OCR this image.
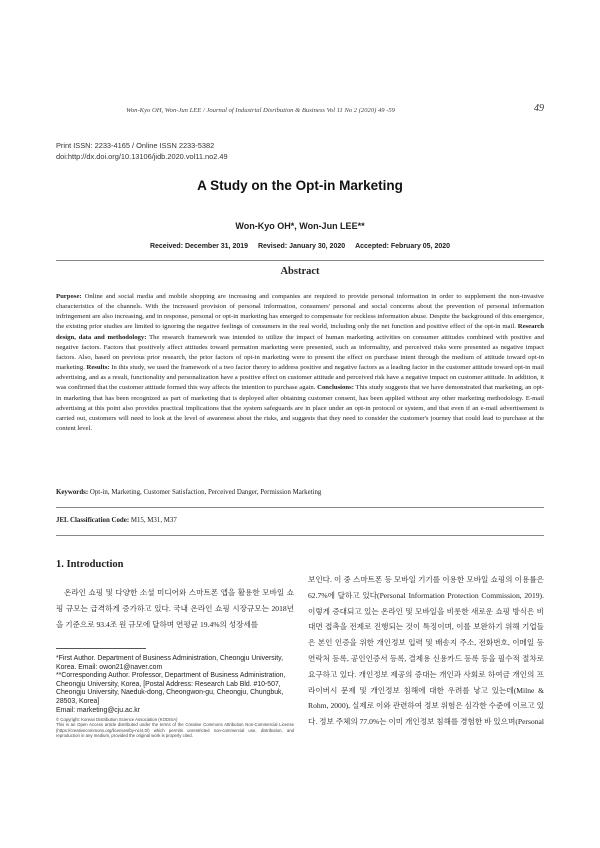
Won-Kyo OH, Won-Jun LEE / Journal of Industrial Disribution & Business Vol 11 No 2 (2020) 49 -59	49
Print ISSN: 2233-4165 / Online ISSN 2233-5382
doi:http://dx.doi.org/10.13106/jidb.2020.vol11.no2.49
A Study on the Opt-in Marketing
Won-Kyo OH*, Won-Jun LEE**
Received: December 31, 2019 Revised: January 30, 2020 Accepted: February 05, 2020
Abstract
Purpose: Online and social media and mobile shopping are increasing and companies are required to provide personal information in order to supplement the non-invasive characteristics of the channels. With the increased provision of personal information, consumers' personal and social concerns about the prevention of personal information infringement are also increasing, and in response, personal or opt-in marketing has emerged to compensate for reckless information abuse. Despite the background of this emergence, the existing prior studies are limited to ignoring the negative feelings of consumers in the real world, including only the net function and positive effect of the opt-in mail. Research design, data and methodology: The research framework was intended to utilize the impact of human marketing activities on consumer attitudes combined with positive and negative factors. Factors that positively affect attitudes toward permation marketing were presented, such as informality, and perceived risks were presented as negative impact factors. Also, based on previous prior research, the prior factors of opt-in marketing were to present the effect on purchase intent through the medium of attitude toward opt-in marketing. Results: In this study, we used the framework of a two factor theory to address positive and negative factors as a leading factor in the customer attitude toward opt-in mail advertising, and as a result, functionality and personalization have a positive effect on customer attitude and perceived risk have a negative impact on customer attitude. In addition, it was confirmed that the customer attitude formed this way affects the intention to purchase again. Conclusions: This study suggests that we have demonstrated that marketing, an opt-in marketing that has been recognized as part of marketing that is deployed after obtaining customer consent, has been applied without any other marketing methodology. E-mail advertising at this point also provides practical implications that the system safeguards are in place under an opt-in protocol or system, and that even if an e-mail advertisement is carried out, customers will need to look at the level of awareness about the risks, and suggests that they need to consider the customer's journey that could lead to purchase at the content level.
Keywords: Opt-in, Marketing, Customer Satisfaction, Perceived Danger, Permission Marketing
JEL Classification Code: M15, M31, M37
1. Introduction
온라인 쇼핑 및 다양한 소셜 미디어와 스마트폰 앱을 활용한 모바일 쇼핑 규모는 급격하게 증가하고 있다. 국내 온라인 쇼핑 시장규모는 2018년을 기준으로 93.4조 원 규모에 달하며 연평균 19.4%의 성장세를
보인다. 이 중 스마트폰 등 모바일 기기를 이용한 모바일 쇼핑의 이용률은 62.7%에 달하고 있다(Personal Information Protection Commission, 2019). 이렇게 증대되고 있는 온라인 및 모바일을 비롯한 새로운 쇼핑 방식은 비대면 접촉을 전제로 진행되는 것이 특징이며, 이를 보완하기 위해 기업들은 본인 인증을 위한 개인정보 입력 및 배송지 주소, 전화번호, 이메일 등 연락처 등록, 공인인증서 등록, 결제용 신용카드 등록 등을 필수적 절차로 요구하고 있다. 개인정보 제공의 증대는 개인과 사회로 하여금 개인의 프라이버시 문제 및 개인정보 침해에 대한 우려를 낳고 있는데(Milne & Rohm, 2000), 실제로 이와 관련하여 정보 위험은 심각한 수준에 이르고 있다. 정보 주체의 77.0%는 이미 개인정보 침해를 경험한 바 있으며(Personal

*First Author. Department of Business Administration, Cheongju University, Korea. Email: owon21@naver.com

**Corresponding Author. Professor, Department of Business Administration, Cheongju University, Korea, [Postal Address: Research Lab Bld. #10-507, Cheongju University, Naeduk-dong, Cheongwon-gu, Cheongju, Chungbuk, 28503, Korea]

Email: marketing@cju.ac.kr

© Copyright: Korean Distribution Science Association (KODISA)

This is an Open Access article distributed under the terms of the Creative Commons Attribution Non-Commercial License (https://creativecommons.org/licenses/by-nc/4.0/) which permits unrestricted non-commercial use, distribution, and reproduction in any medium, provided the original work is properly cited.
